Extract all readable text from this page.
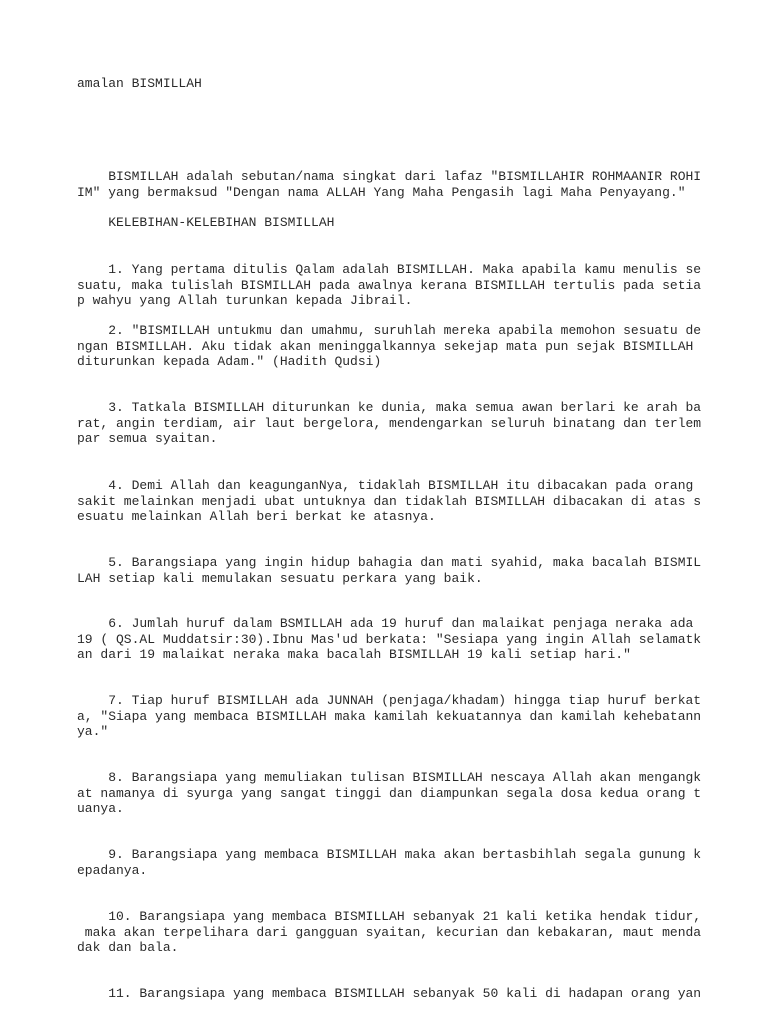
amalan BISMILLAH
BISMILLAH adalah sebutan/nama singkat dari lafaz "BISMILLAHIR ROHMAANIR ROHI
IM" yang bermaksud "Dengan nama ALLAH Yang Maha Pengasih lagi Maha Penyayang."
KELEBIHAN-KELEBIHAN BISMILLAH
1. Yang pertama ditulis Qalam adalah BISMILLAH. Maka apabila kamu menulis se
suatu, maka tulislah BISMILLAH pada awalnya kerana BISMILLAH tertulis pada setia
p wahyu yang Allah turunkan kepada Jibrail.
2. "BISMILLAH untukmu dan umahmu, suruhlah mereka apabila memohon sesuatu de
ngan BISMILLAH. Aku tidak akan meninggalkannya sekejap mata pun sejak BISMILLAH
diturunkan kepada Adam." (Hadith Qudsi)
3. Tatkala BISMILLAH diturunkan ke dunia, maka semua awan berlari ke arah ba
rat, angin terdiam, air laut bergelora, mendengarkan seluruh binatang dan terlem
par semua syaitan.
4. Demi Allah dan keagunganNya, tidaklah BISMILLAH itu dibacakan pada orang
sakit melainkan menjadi ubat untuknya dan tidaklah BISMILLAH dibacakan di atas s
esuatu melainkan Allah beri berkat ke atasnya.
5. Barangsiapa yang ingin hidup bahagia dan mati syahid, maka bacalah BISMIL
LAH setiap kali memulakan sesuatu perkara yang baik.
6. Jumlah huruf dalam BSMILLAH ada 19 huruf dan malaikat penjaga neraka ada
19 ( QS.AL Muddatsir:30).Ibnu Mas'ud berkata: "Sesiapa yang ingin Allah selamatk
an dari 19 malaikat neraka maka bacalah BISMILLAH 19 kali setiap hari."
7. Tiap huruf BISMILLAH ada JUNNAH (penjaga/khadam) hingga tiap huruf berkat
a, "Siapa yang membaca BISMILLAH maka kamilah kekuatannya dan kamilah kehebatann
ya."
8. Barangsiapa yang memuliakan tulisan BISMILLAH nescaya Allah akan mengangk
at namanya di syurga yang sangat tinggi dan diampunkan segala dosa kedua orang t
uanya.
9. Barangsiapa yang membaca BISMILLAH maka akan bertasbihlah segala gunung k
epadanya.
10. Barangsiapa yang membaca BISMILLAH sebanyak 21 kali ketika hendak tidur,
maka akan terpelihara dari gangguan syaitan, kecurian dan kebakaran, maut menda
dak dan bala.
11. Barangsiapa yang membaca BISMILLAH sebanyak 50 kali di hadapan orang yan
